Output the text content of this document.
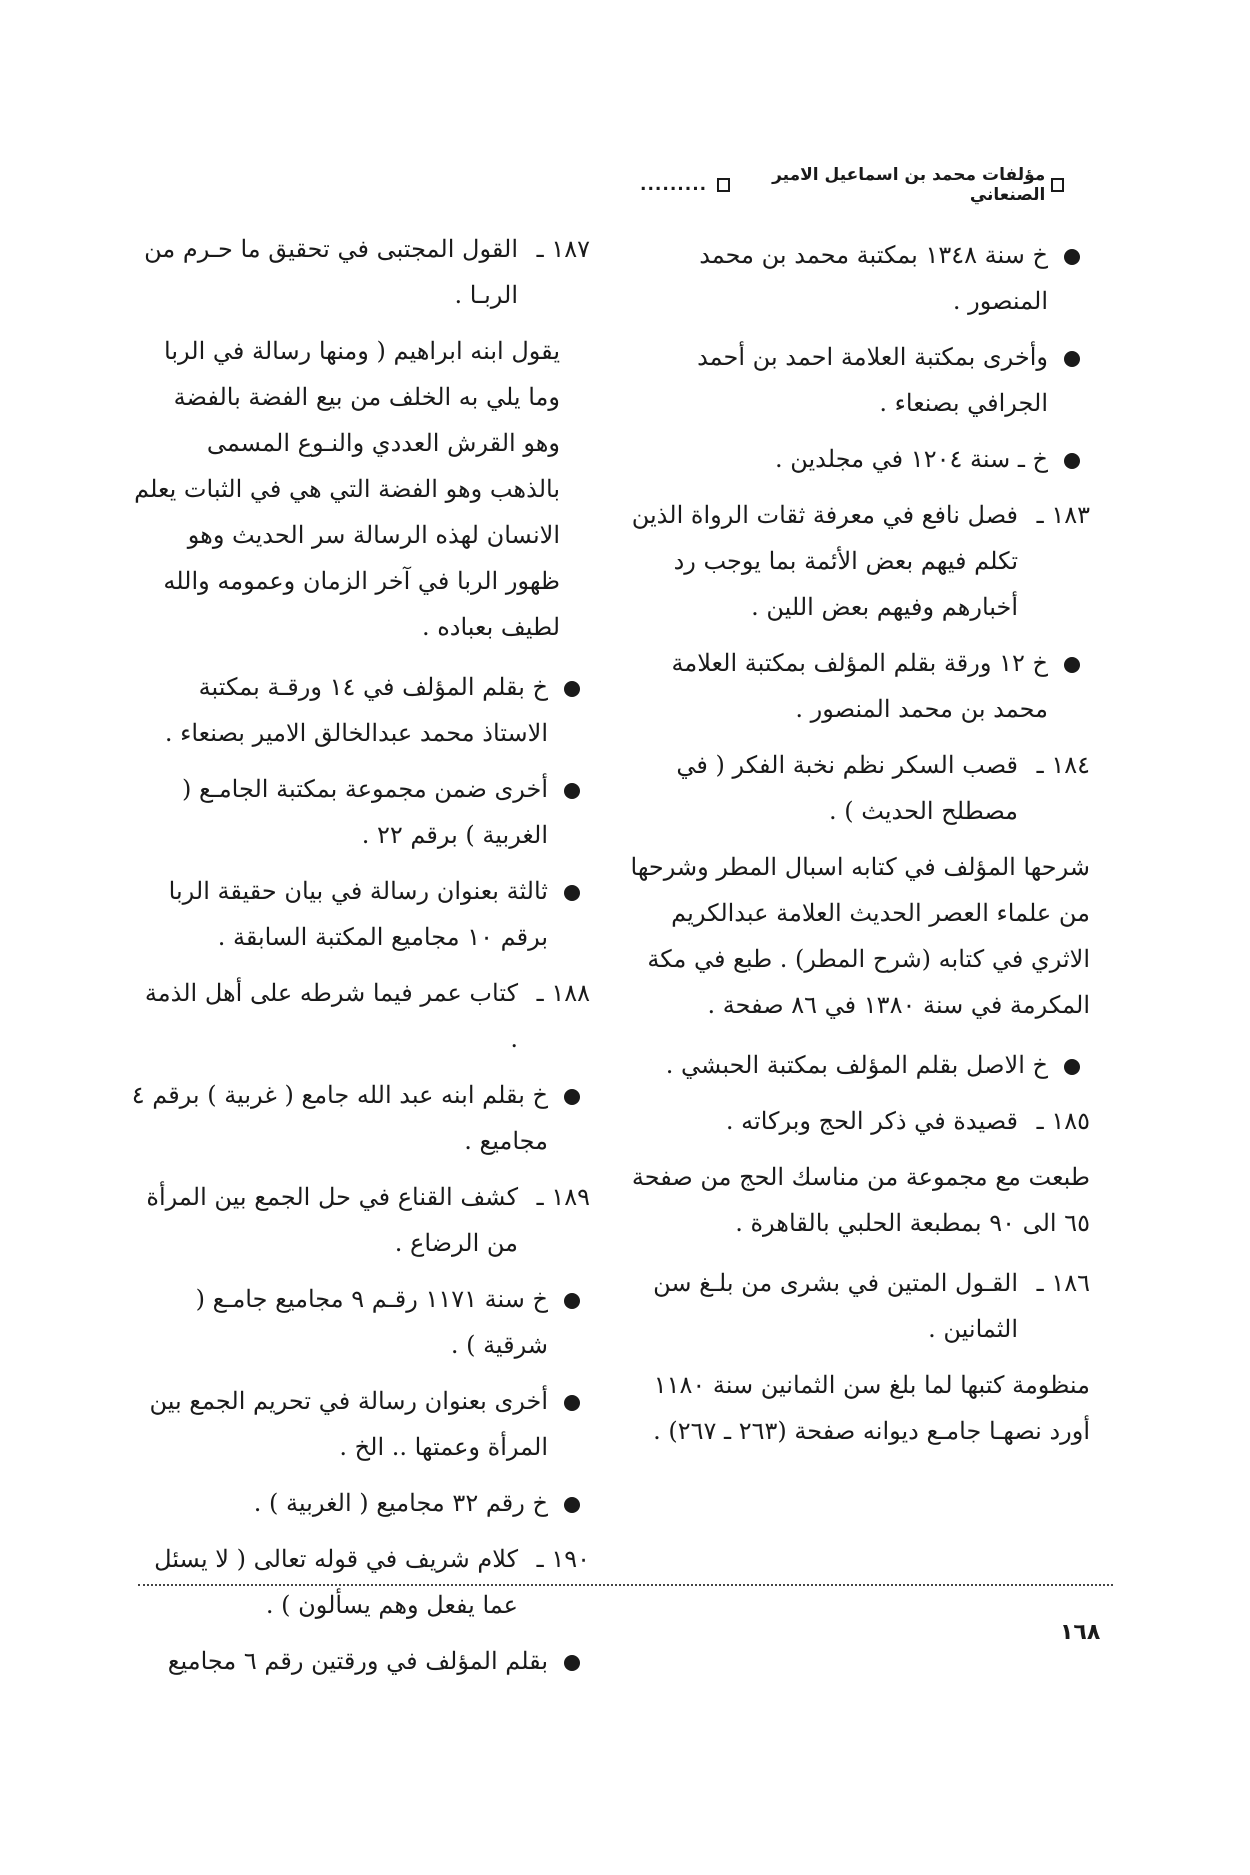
مؤلفات محمد بن اسماعيل الامير الصنعاني
.........
خ سنة ١٣٤٨ بمكتبة محمد بن محمد المنصور .
وأخرى بمكتبة العلامة احمد بن أحمد الجرافي بصنعاء .
خ ـ سنة ١٢٠٤ في مجلدين .
١٨٣ ـ
فصل نافع في معرفة ثقات الرواة الذين تكلم فيهم بعض الأئمة بما يوجب رد أخبارهم وفيهم بعض اللين .
خ ١٢ ورقة بقلم المؤلف بمكتبة العلامة محمد بن محمد المنصور .
١٨٤ ـ
قصب السكر نظم نخبة الفكر ( في مصطلح الحديث ) .
شرحها المؤلف في كتابه اسبال المطر وشرحها من علماء العصر الحديث العلامة عبدالكريم الاثري في كتابه (شرح المطر) . طبع في مكة المكرمة في سنة ١٣٨٠ في ٨٦ صفحة .
خ الاصل بقلم المؤلف بمكتبة الحبشي .
١٨٥ ـ
قصيدة في ذكر الحج وبركاته .
طبعت مع مجموعة من مناسك الحج من صفحة ٦٥ الى ٩٠ بمطبعة الحلبي بالقاهرة .
١٨٦ ـ
القـول المتين في بشرى من بلـغ سن الثمانين .
منظومة كتبها لما بلغ سن الثمانين سنة ١١٨٠ أورد نصهـا جامـع ديوانه صفحة (٢٦٣ ـ ٢٦٧) .
١٨٧ ـ
القول المجتبى في تحقيق ما حـرم من الربـا .
يقول ابنه ابراهيم ( ومنها رسالة في الربا وما يلي به الخلف من بيع الفضة بالفضة وهو القرش العددي والنـوع المسمى بالذهب وهو الفضة التي هي في الثبات يعلم الانسان لهذه الرسالة سر الحديث وهو ظهور الربا في آخر الزمان وعمومه والله لطيف بعباده .
خ بقلم المؤلف في ١٤ ورقـة بمكتبة الاستاذ محمد عبدالخالق الامير بصنعاء .
أخرى ضمن مجموعة بمكتبة الجامـع ( الغربية ) برقم ٢٢ .
ثالثة بعنوان رسالة في بيان حقيقة الربا برقم ١٠ مجاميع المكتبة السابقة .
١٨٨ ـ
كتاب عمر فيما شرطه على أهل الذمة .
خ بقلم ابنه عبد الله جامع ( غربية ) برقم ٤ مجاميع .
١٨٩ ـ
كشف القناع في حل الجمع بين المرأة من الرضاع .
خ سنة ١١٧١ رقـم ٩ مجاميع جامـع ( شرقية ) .
أخرى بعنوان رسالة في تحريم الجمع بين المرأة وعمتها .. الخ .
خ رقم ٣٢ مجاميع ( الغربية ) .
١٩٠ ـ
كلام شريف في قوله تعالى ( لا يسئل عما يفعل وهم يسألون ) .
بقلم المؤلف في ورقتين رقم ٦ مجاميع
١٦٨
